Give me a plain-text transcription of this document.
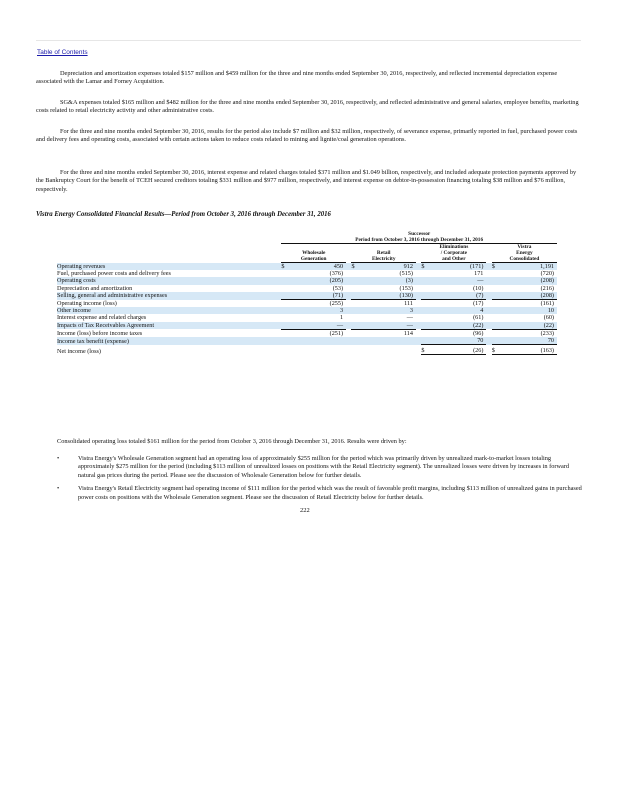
Table of Contents

Depreciation and amortization expenses totaled $157 million and $459 million for the three and nine months ended September 30, 2016, respectively, and reflected incremental depreciation expense associated with the Lamar and Forney Acquisition.

SG&A expenses totaled $165 million and $482 million for the three and nine months ended September 30, 2016, respectively, and reflected administrative and general salaries, employee benefits, marketing costs related to retail electricity activity and other administrative costs.

For the three and nine months ended September 30, 2016, results for the period also include $7 million and $32 million, respectively, of severance expense, primarily reported in fuel, purchased power costs and delivery fees and operating costs, associated with certain actions taken to reduce costs related to mining and lignite/coal generation operations.

For the three and nine months ended September 30, 2016, interest expense and related charges totaled $371 million and $1.049 billion, respectively, and included adequate protection payments approved by the Bankruptcy Court for the benefit of TCEH secured creditors totaling $331 million and $977 million, respectively, and interest expense on debtor-in-possession financing totaling $38 million and $76 million, respectively.

Vistra Energy Consolidated Financial Results—Period from October 3, 2016 through December 31, 2016
	Successor										
	Period from October 3, 2016 through December 31, 2016										
	Wholesale
Generation			Retail
Electricity			Eliminations
/ Corporate
and Other			Vistra
Energy
Consolidated	
Operating revenues	$	450		$	912		$	(171)		$	1,191
Fuel, purchased power costs and delivery fees		(376)			(515)			171			(720)
Operating costs		(205)			(3)			—			(208)
Depreciation and amortization		(53)			(153)			(10)			(216)
Selling, general and administrative expenses		(71)			(130)			(7)			(208)
Operating income (loss)		(255)			111			(17)			(161)
Other income		3			3			4			10
Interest expense and related charges		1			—			(61)			(60)
Impacts of Tax Receivables Agreement		—			—			(22)			(22)
Income (loss) before income taxes		(251)			114			(96)			(233)
Income tax benefit (expense)								70			70
Net income (loss)							$	(26)		$	(163)

Consolidated operating loss totaled $161 million for the period from October 3, 2016 through December 31, 2016. Results were driven by:

•	Vistra Energy's Wholesale Generation segment had an operating loss of approximately $255 million for the period which was primarily driven by unrealized mark-to-market losses totaling approximately $275 million for the period (including $113 million of unrealized losses on positions with the Retail Electricity segment). The unrealized losses were driven by increases in forward natural gas prices during the period. Please see the discussion of Wholesale Generation below for further details.
•	Vistra Energy's Retail Electricity segment had operating income of $111 million for the period which was the result of favorable profit margins, including $113 million of unrealized gains in purchased power costs on positions with the Wholesale Generation segment. Please see the discussion of Retail Electricity below for further details.
222
